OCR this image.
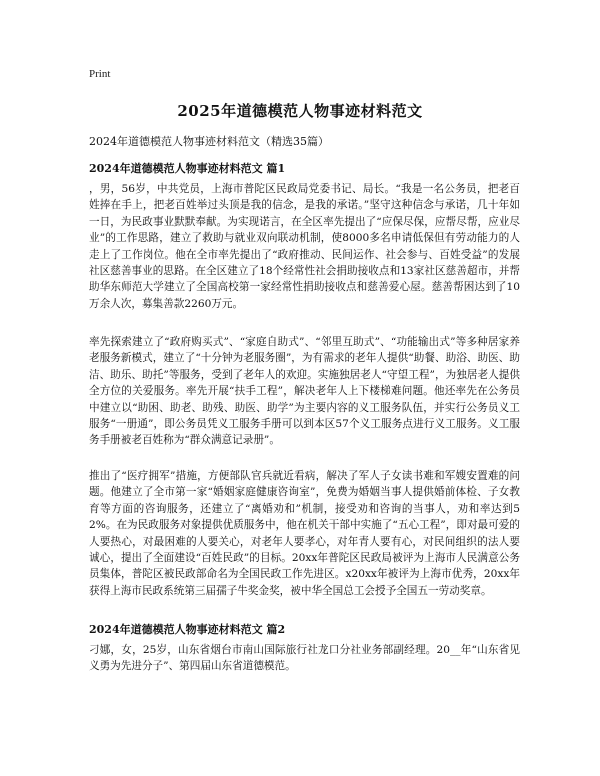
Print
2025年道德模范人物事迹材料范文
2024年道德模范人物事迹材料范文（精选35篇）
2024年道德模范人物事迹材料范文 篇1
，男，56岁，中共党员，上海市普陀区民政局党委书记、局长。“我是一名公务员，把老百姓捧在手上，把老百姓举过头顶是我的信念，是我的承诺。”坚守这种信念与承诺，几十年如一日，为民政事业默默奉献。为实现诺言，在全区率先提出了“应保尽保，应帮尽帮，应业尽业”的工作思路，建立了救助与就业双向联动机制，使8000多名申请低保但有劳动能力的人走上了工作岗位。他在全市率先提出了“政府推动、民间运作、社会参与、百姓受益”的发展社区慈善事业的思路。在全区建立了18个经常性社会捐助接收点和13家社区慈善超市，并帮助华东师范大学建立了全国高校第一家经常性捐助接收点和慈善爱心屋。慈善帮困达到了10万余人次，募集善款2260万元。
率先探索建立了“政府购买式”、“家庭自助式”、“邻里互助式”、“功能输出式”等多种居家养老服务新模式，建立了“十分钟为老服务圈”，为有需求的老年人提供“助餐、助浴、助医、助洁、助乐、助托”等服务，受到了老年人的欢迎。实施独居老人“守望工程”，为独居老人提供全方位的关爱服务。率先开展“扶手工程”，解决老年人上下楼梯难问题。他还率先在公务员中建立以“助困、助老、助残、助医、助学”为主要内容的义工服务队伍，并实行公务员义工服务“一册通”，即公务员凭义工服务手册可以到本区57个义工服务点进行义工服务。义工服务手册被老百姓称为“群众满意记录册”。
推出了“医疗拥军”措施，方便部队官兵就近看病，解决了军人子女读书难和军嫂安置难的问题。他建立了全市第一家“婚姻家庭健康咨询室”，免费为婚姻当事人提供婚前体检、子女教育等方面的咨询服务，还建立了“离婚劝和”机制，接受劝和咨询的当事人，劝和率达到52%。在为民政服务对象提供优质服务中，他在机关干部中实施了“五心工程”，即对最可爱的人要热心，对最困难的人要关心，对老年人要孝心，对年青人要有心，对民间组织的法人要诚心，提出了全面建设“百姓民政”的目标。20xx年普陀区民政局被评为上海市人民满意公务员集体，普陀区被民政部命名为全国民政工作先进区。x20xx年被评为上海市优秀，20xx年获得上海市民政系统第三届孺子牛奖金奖，被中华全国总工会授予全国五一劳动奖章。
2024年道德模范人物事迹材料范文 篇2
刁娜，女，25岁，山东省烟台市南山国际旅行社龙口分社业务部副经理。20__年“山东省见义勇为先进分子”、第四届山东省道德模范。
